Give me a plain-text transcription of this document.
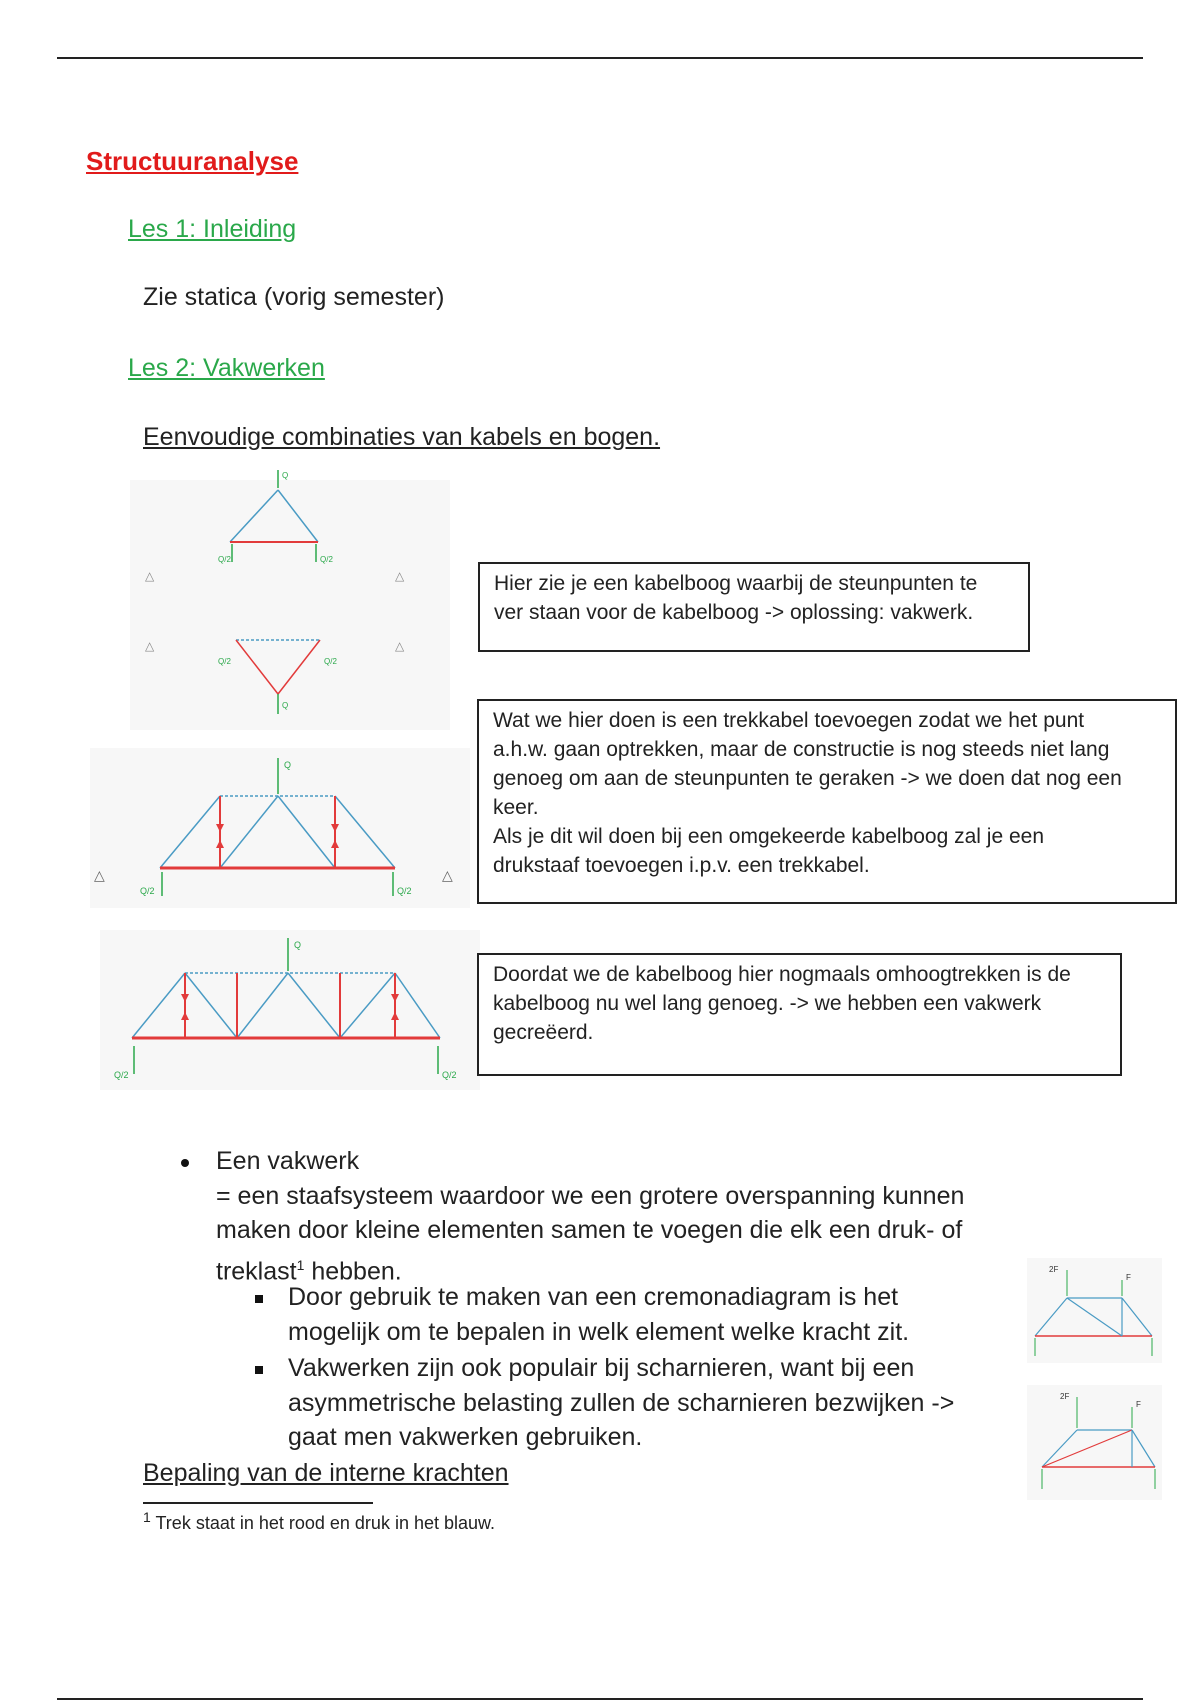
Structuuranalyse
Les 1: Inleiding
Zie statica (vorig semester)
Les 2: Vakwerken
Eenvoudige combinaties van kabels en bogen.
Q
Q/2	Q/2
△	△
Q
Q/2	Q/2
△	△
Q
Q/2	Q/2
△	△
Q
Q/2	Q/2
Hier zie je een kabelboog waarbij de steunpunten te
ver staan voor de kabelboog -> oplossing: vakwerk.
Wat we hier doen is een trekkabel toevoegen zodat we het punt
a.h.w. gaan optrekken, maar de constructie is nog steeds niet lang
genoeg om aan de steunpunten te geraken -> we doen dat nog een
keer.
Als je dit wil doen bij een omgekeerde kabelboog zal je een
drukstaaf toevoegen i.p.v. een trekkabel.
Doordat we de kabelboog hier nogmaals omhoogtrekken is de
kabelboog nu wel lang genoeg. -> we hebben een vakwerk
gecreëerd.
Een vakwerk
= een staafsysteem waardoor we een grotere overspanning kunnen
maken door kleine elementen samen te voegen die elk een druk- of
treklast$^1$ hebben.
Door gebruik te maken van een cremonadiagram is het
mogelijk om te bepalen in welk element welke kracht zit.
Vakwerken zijn ook populair bij scharnieren, want bij een
asymmetrische belasting zullen de scharnieren bezwijken ->
gaat men vakwerken gebruiken.
Bepaling van de interne krachten
2F
F
2F
F
$^1$ Trek staat in het rood en druk in het blauw.
